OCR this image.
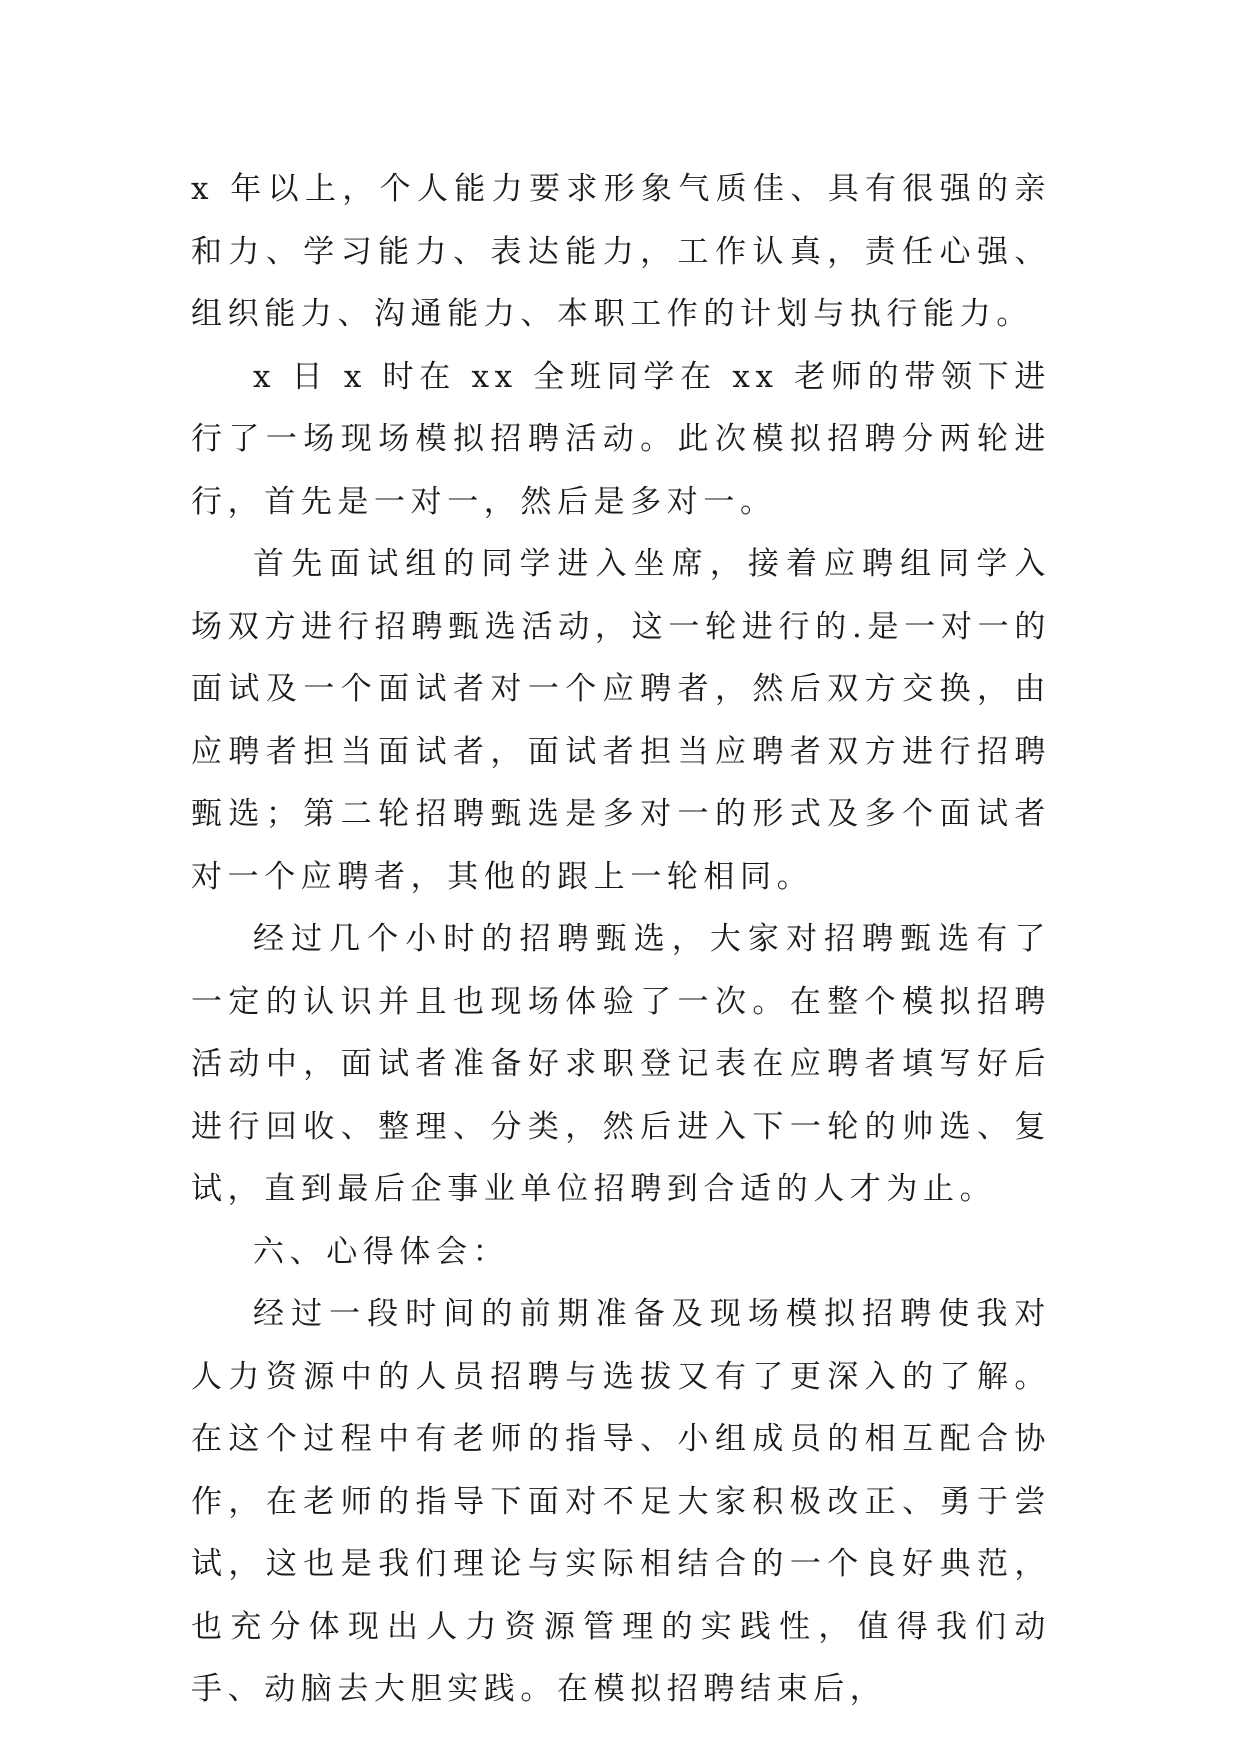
x 年以上，个人能力要求形象气质佳、具有很强的亲和力、学习能力、表达能力，工作认真，责任心强、组织能力、沟通能力、本职工作的计划与执行能力。

x 日 x 时在 xx 全班同学在 xx 老师的带领下进行了一场现场模拟招聘活动。此次模拟招聘分两轮进行，首先是一对一，然后是多对一。

首先面试组的同学进入坐席，接着应聘组同学入场双方进行招聘甄选活动，这一轮进行的.是一对一的面试及一个面试者对一个应聘者，然后双方交换，由应聘者担当面试者，面试者担当应聘者双方进行招聘甄选；第二轮招聘甄选是多对一的形式及多个面试者对一个应聘者，其他的跟上一轮相同。

经过几个小时的招聘甄选，大家对招聘甄选有了一定的认识并且也现场体验了一次。在整个模拟招聘活动中，面试者准备好求职登记表在应聘者填写好后进行回收、整理、分类，然后进入下一轮的帅选、复试，直到最后企事业单位招聘到合适的人才为止。

六、心得体会：

经过一段时间的前期准备及现场模拟招聘使我对人力资源中的人员招聘与选拔又有了更深入的了解。在这个过程中有老师的指导、小组成员的相互配合协作，在老师的指导下面对不足大家积极改正、勇于尝试，这也是我们理论与实际相结合的一个良好典范，也充分体现出人力资源管理的实践性，值得我们动手、动脑去大胆实践。在模拟招聘结束后，
